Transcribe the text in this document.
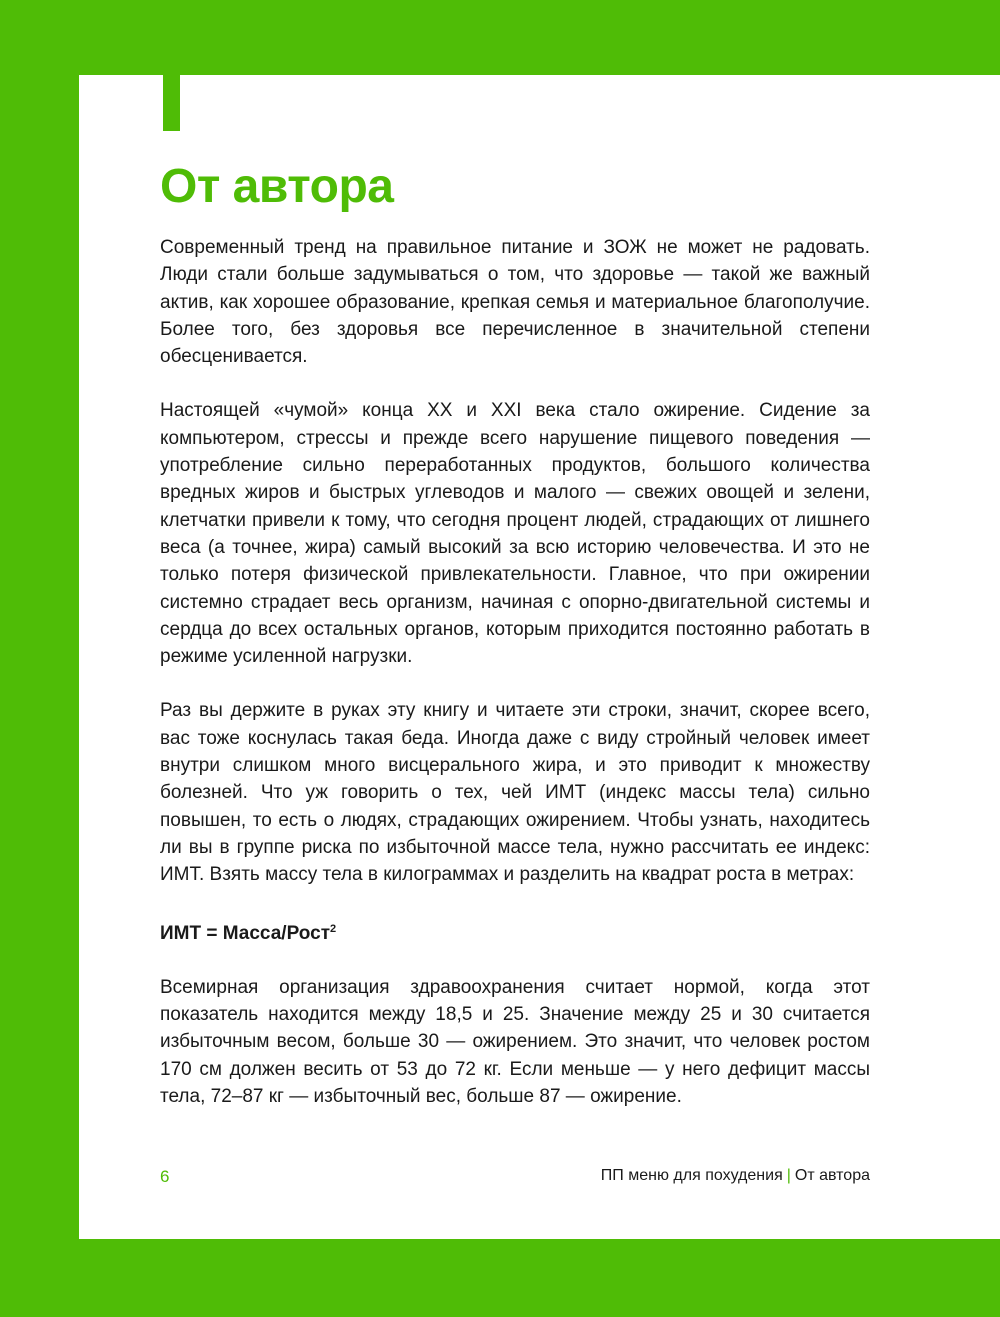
От автора

Современный тренд на правильное питание и ЗОЖ не может не радовать. Люди стали больше задумываться о том, что здоровье — такой же важный актив, как хорошее образование, крепкая семья и материальное благополучие. Более того, без здоровья все перечисленное в значительной степени обесценивается.

Настоящей «чумой» конца XX и XXI века стало ожирение. Сидение за компьютером, стрессы и прежде всего нарушение пищевого поведения — употребление сильно переработанных продуктов, большого количества вредных жиров и быстрых углеводов и малого — свежих овощей и зелени, клетчатки привели к тому, что сегодня процент людей, страдающих от лишнего веса (а точнее, жира) самый высокий за всю историю человечества. И это не только потеря физической привлекательности. Главное, что при ожирении системно страдает весь организм, начиная с опорно-двигательной системы и сердца до всех остальных органов, которым приходится постоянно работать в режиме усиленной нагрузки.

Раз вы держите в руках эту книгу и читаете эти строки, значит, скорее всего, вас тоже коснулась такая беда. Иногда даже с виду стройный человек имеет внутри слишком много висцерального жира, и это приводит к множеству болезней. Что уж говорить о тех, чей ИМТ (индекс массы тела) сильно повышен, то есть о людях, страдающих ожирением. Чтобы узнать, находитесь ли вы в группе риска по избыточной массе тела, нужно рассчитать ее индекс: ИМТ. Взять массу тела в килограммах и разделить на квадрат роста в метрах:

ИМТ = Масса/Рост$^2$

Всемирная организация здравоохранения считает нормой, когда этот показатель находится между 18,5 и 25. Значение между 25 и 30 считается избыточным весом, больше 30 — ожирением. Это значит, что человек ростом 170 см должен весить от 53 до 72 кг. Если меньше — у него дефицит массы тела, 72–87 кг — избыточный вес, больше 87 — ожирение.

6	ПП меню для похудения | От автора
